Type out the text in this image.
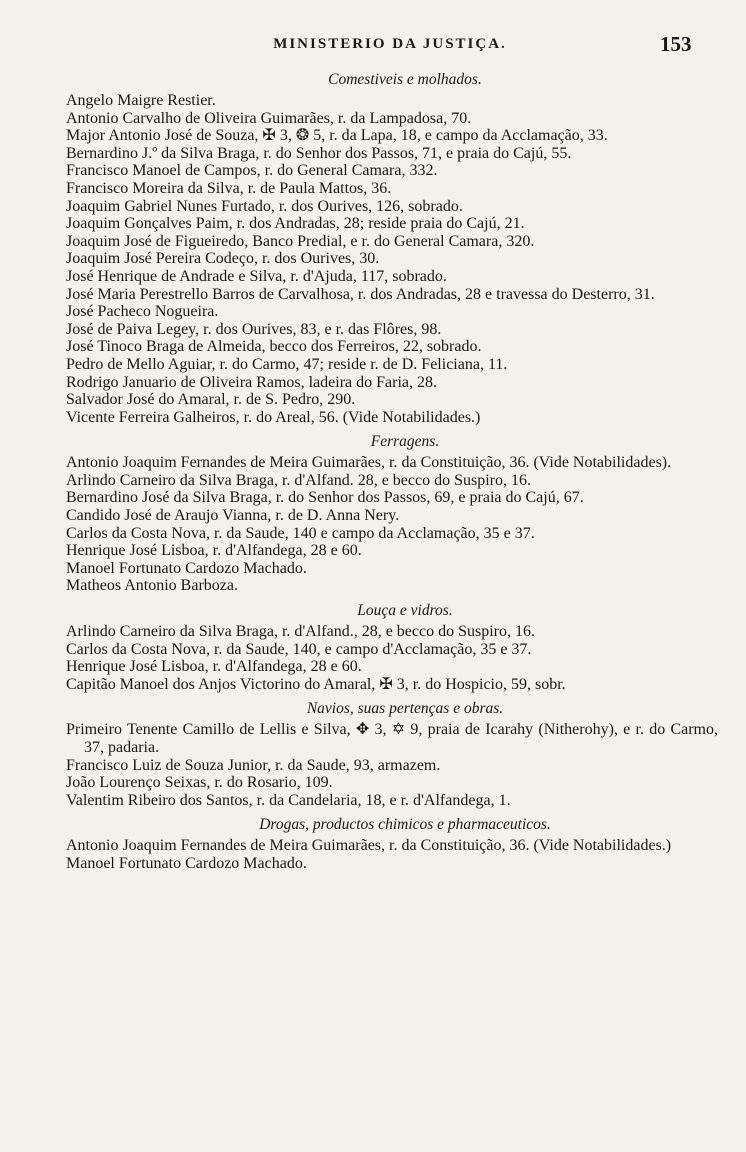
MINISTERIO DA JUSTIÇA.	153
Comestiveis e molhados.
Angelo Maigre Restier.
Antonio Carvalho de Oliveira Guimarães, r. da Lampadosa, 70.
Major Antonio José de Souza, ✠ 3, ❂ 5, r. da Lapa, 18, e campo da Acclamação, 33.
Bernardino J.º da Silva Braga, r. do Senhor dos Passos, 71, e praia do Cajú, 55.
Francisco Manoel de Campos, r. do General Camara, 332.
Francisco Moreira da Silva, r. de Paula Mattos, 36.
Joaquim Gabriel Nunes Furtado, r. dos Ourives, 126, sobrado.
Joaquim Gonçalves Paim, r. dos Andradas, 28; reside praia do Cajú, 21.
Joaquim José de Figueiredo, Banco Predial, e r. do General Camara, 320.
Joaquim José Pereira Codeço, r. dos Ourives, 30.
José Henrique de Andrade e Silva, r. d'Ajuda, 117, sobrado.
José Maria Perestrello Barros de Carvalhosa, r. dos Andradas, 28 e travessa do Desterro, 31.
José Pacheco Nogueira.
José de Paiva Legey, r. dos Ourives, 83, e r. das Flôres, 98.
José Tinoco Braga de Almeida, becco dos Ferreiros, 22, sobrado.
Pedro de Mello Aguiar, r. do Carmo, 47; reside r. de D. Feliciana, 11.
Rodrigo Januario de Oliveira Ramos, ladeira do Faria, 28.
Salvador José do Amaral, r. de S. Pedro, 290.
Vicente Ferreira Galheiros, r. do Areal, 56. (Vide Notabilidades.)
Ferragens.
Antonio Joaquim Fernandes de Meira Guimarães, r. da Constituição, 36. (Vide Notabilidades).
Arlindo Carneiro da Silva Braga, r. d'Alfand. 28, e becco do Suspiro, 16.
Bernardino José da Silva Braga, r. do Senhor dos Passos, 69, e praia do Cajú, 67.
Candido José de Araujo Vianna, r. de D. Anna Nery.
Carlos da Costa Nova, r. da Saude, 140 e campo da Acclamação, 35 e 37.
Henrique José Lisboa, r. d'Alfandega, 28 e 60.
Manoel Fortunato Cardozo Machado.
Matheos Antonio Barboza.
Louça e vidros.
Arlindo Carneiro da Silva Braga, r. d'Alfand., 28, e becco do Suspiro, 16.
Carlos da Costa Nova, r. da Saude, 140, e campo d'Acclamação, 35 e 37.
Henrique José Lisboa, r. d'Alfandega, 28 e 60.
Capitão Manoel dos Anjos Victorino do Amaral, ✠ 3, r. do Hospicio, 59, sobr.
Navios, suas pertenças e obras.
Primeiro Tenente Camillo de Lellis e Silva, ✥ 3, ✡ 9, praia de Icarahy (Nitherohy), e r. do Carmo, 37, padaria.
Francisco Luiz de Souza Junior, r. da Saude, 93, armazem.
João Lourenço Seixas, r. do Rosario, 109.
Valentim Ribeiro dos Santos, r. da Candelaria, 18, e r. d'Alfandega, 1.
Drogas, productos chimicos e pharmaceuticos.
Antonio Joaquim Fernandes de Meira Guimarães, r. da Constituição, 36. (Vide Notabilidades.)
Manoel Fortunato Cardozo Machado.
